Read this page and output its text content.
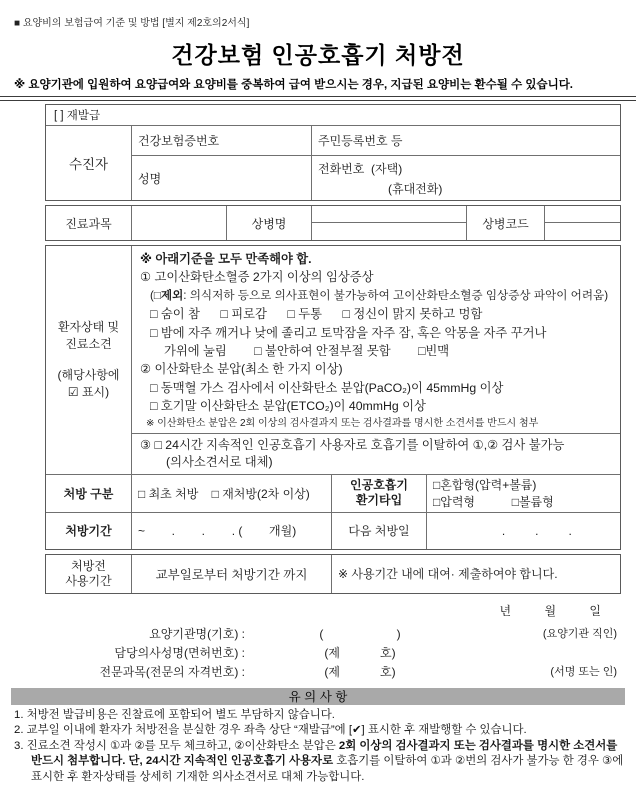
■ 요양비의 보험급여 기준 및 방법 [별지 제2호의2서식]
건강보험 인공호흡기 처방전
※ 요양기관에 입원하여 요양급여와 요양비를 중복하여 급여 받으시는 경우, 지급된 요양비는 환수될 수 있습니다.
[ ] 재발급
수진자
건강보험증번호	주민등록번호 등
성명
전화번호  (자택)
(휴대전화)
진료과목	상병명	상병코드
환자상태 및
진료소견
(해당사항에
☑ 표시)
※ 아래기준을 모두 만족해야 합.
① 고이산화탄소혈증 2가지 이상의 임상증상
(□제외: 의식저하 등으로 의사표현이 불가능하여 고이산화탄소혈증 임상증상 파악이 어려움)
□ 숨이 참      □ 피로감      □ 두통      □ 정신이 맑지 못하고 멍함
□ 밤에 자주 깨거나 낮에 졸리고 토막잠을 자주 잠, 혹은 악몽을 자주 꾸거나
가위에 눌림        □ 불안하여 안절부절 못함        □빈맥
② 이산화탄소 분압(최소 한 가지 이상)
□ 동맥혈 가스 검사에서 이산화탄소 분압(PaCO₂)이 45mmHg 이상
□ 호기말 이산화탄소 분압(ETCO₂)이 40mmHg 이상
※ 이산화탄소 분압은 2회 이상의 검사결과지 또는 검사결과를 명시한 소견서를 반드시 첨부
③ □ 24시간 지속적인 인공호흡기 사용자로 호흡기를 이탈하여 ①,② 검사 불가능
(의사소견서로 대체)
처방 구분	□ 최초 처방    □ 재처방(2차 이상)
인공호흡기
환기타입
□혼합형(압력+볼륨)
□압력형           □볼륨형
처방기간	~        .        .        . (        개월)	다음 처방일	.         .         .
처방전
사용기간	교부일로부터 처방기간 까지	※ 사용기간 내에 대여· 제출하여야 합니다.
년          월          일
요양기관명(기호) :	(                      )	(요양기관 직인)
담당의사성명(면허번호) :	(제            호)
전문과목(전문의 자격번호) :	(제            호)	(서명 또는 인)
유 의 사 항
1. 처방전 발급비용은 진찰료에 포함되어 별도 부담하지 않습니다.
2. 교부일 이내에 환자가 처방전을 분실한 경우 좌측 상단 “재발급”에 [✔] 표시한 후 재발행할 수 있습니다.
3. 진료소견 작성시 ①과 ②를 모두 체크하고, ②이산화탄소 분압은 2회 이상의 검사결과지 또는 검사결과를 명시한 소견서를 반드시 첨부합니다. 단, 24시간 지속적인 인공호흡기 사용자로 호흡기를 이탈하여 ①과 ②번의 검사가 불가능 한 경우 ③에 표시한 후 환자상태를 상세히 기재한 의사소견서로 대체 가능합니다.
